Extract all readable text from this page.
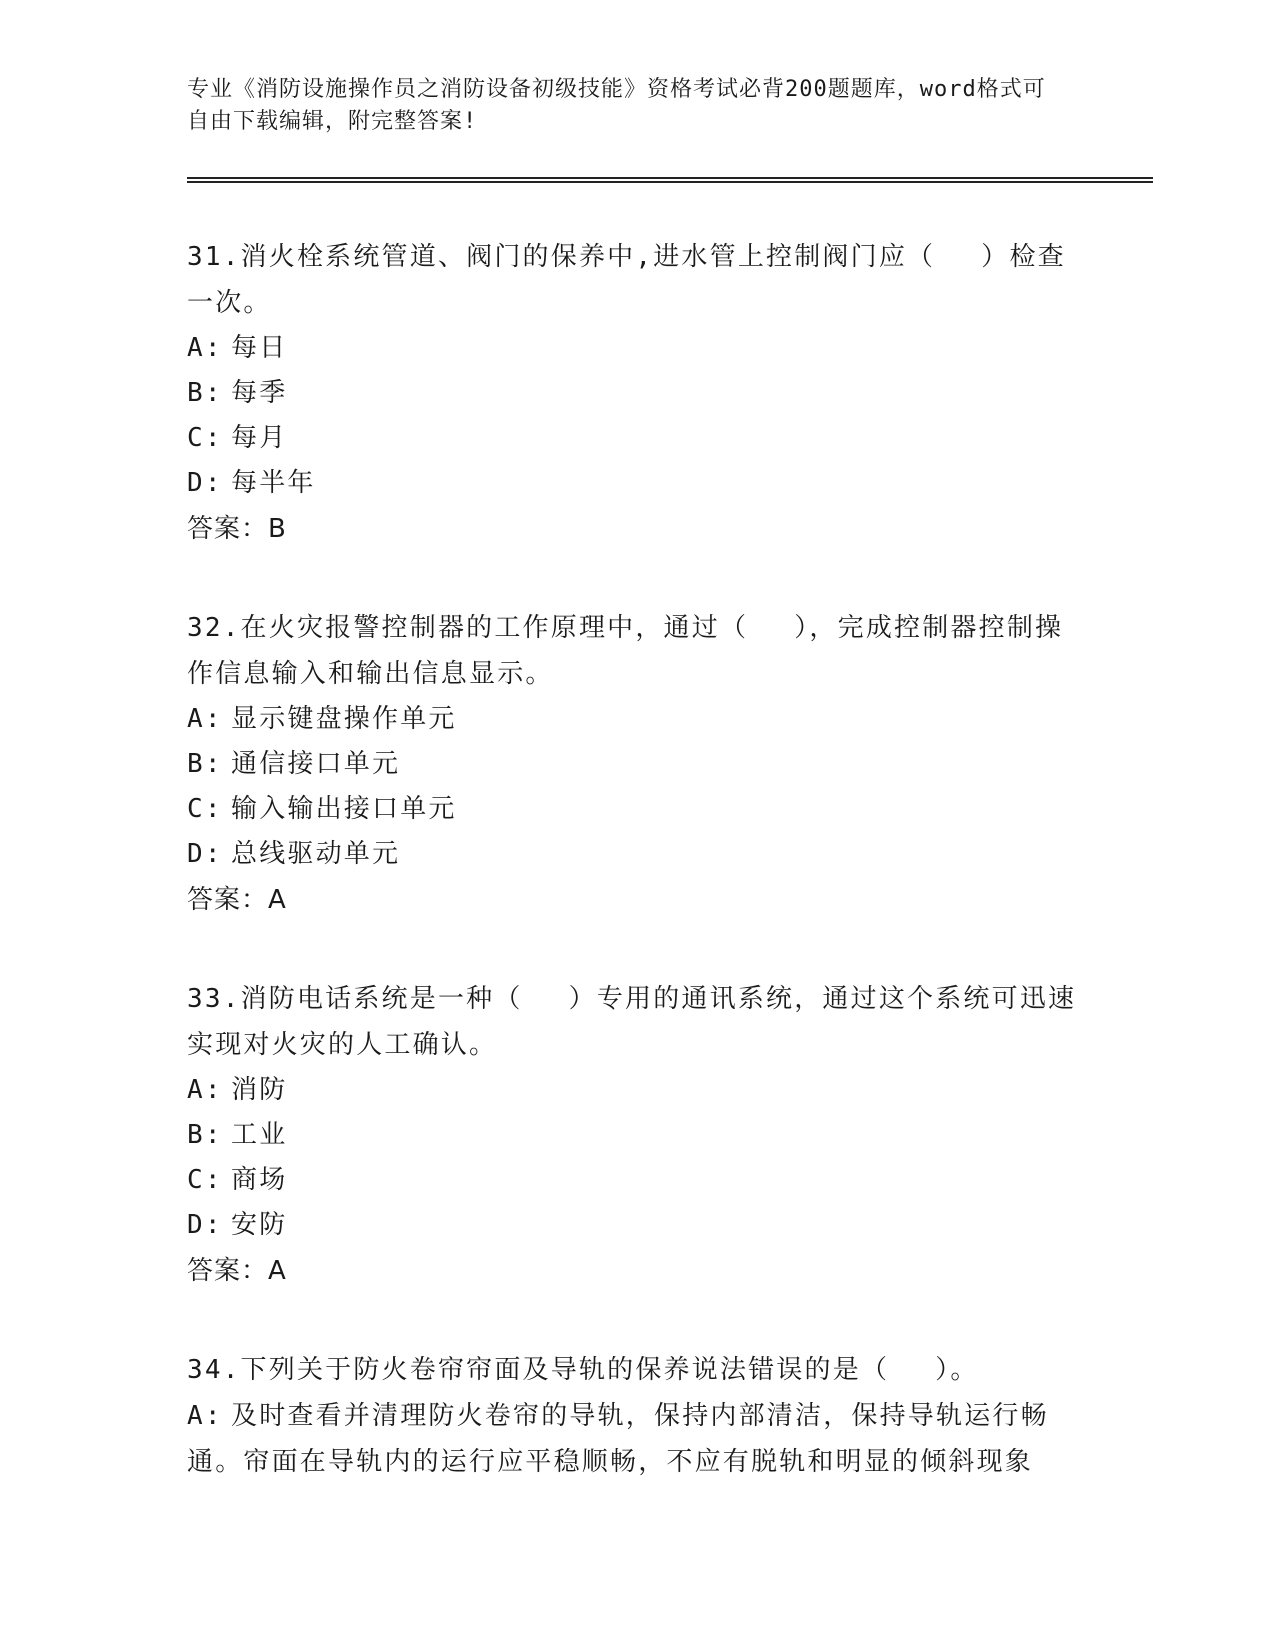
专业《消防设施操作员之消防设备初级技能》资格考试必背200题题库，word格式可自由下载编辑，附完整答案!
31.消火栓系统管道、阀门的保养中,进水管上控制阀门应（　 ）检查一次。
A: 每日
B: 每季
C: 每月
D: 每半年
答案：B
32.在火灾报警控制器的工作原理中，通过（　 ），完成控制器控制操作信息输入和输出信息显示。
A: 显示键盘操作单元
B: 通信接口单元
C: 输入输出接口单元
D: 总线驱动单元
答案：A
33.消防电话系统是一种（　 ）专用的通讯系统，通过这个系统可迅速实现对火灾的人工确认。
A: 消防
B: 工业
C: 商场
D: 安防
答案：A
34.下列关于防火卷帘帘面及导轨的保养说法错误的是（　 ）。
A: 及时查看并清理防火卷帘的导轨，保持内部清洁，保持导轨运行畅通。帘面在导轨内的运行应平稳顺畅，不应有脱轨和明显的倾斜现象
